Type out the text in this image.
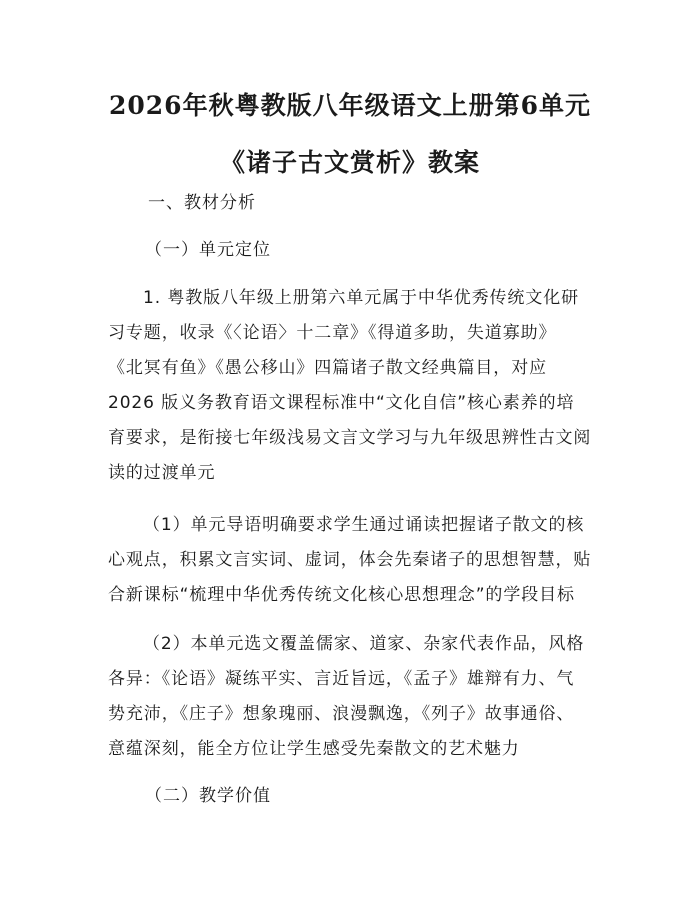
2026年秋粤教版八年级语文上册第6单元
《诸子古文赏析》教案
一、教材分析
（一）单元定位
1. 粤教版八年级上册第六单元属于中华优秀传统文化研
习专题，收录《〈论语〉十二章》《得道多助，失道寡助》
《北冥有鱼》《愚公移山》四篇诸子散文经典篇目，对应
2026 版义务教育语文课程标准中“文化自信”核心素养的培
育要求，是衔接七年级浅易文言文学习与九年级思辨性古文阅
读的过渡单元
（1）单元导语明确要求学生通过诵读把握诸子散文的核
心观点，积累文言实词、虚词，体会先秦诸子的思想智慧，贴
合新课标“梳理中华优秀传统文化核心思想理念”的学段目标
（2）本单元选文覆盖儒家、道家、杂家代表作品，风格
各异：《论语》凝练平实、言近旨远，《孟子》雄辩有力、气
势充沛，《庄子》想象瑰丽、浪漫飘逸，《列子》故事通俗、
意蕴深刻，能全方位让学生感受先秦散文的艺术魅力
（二）教学价值
